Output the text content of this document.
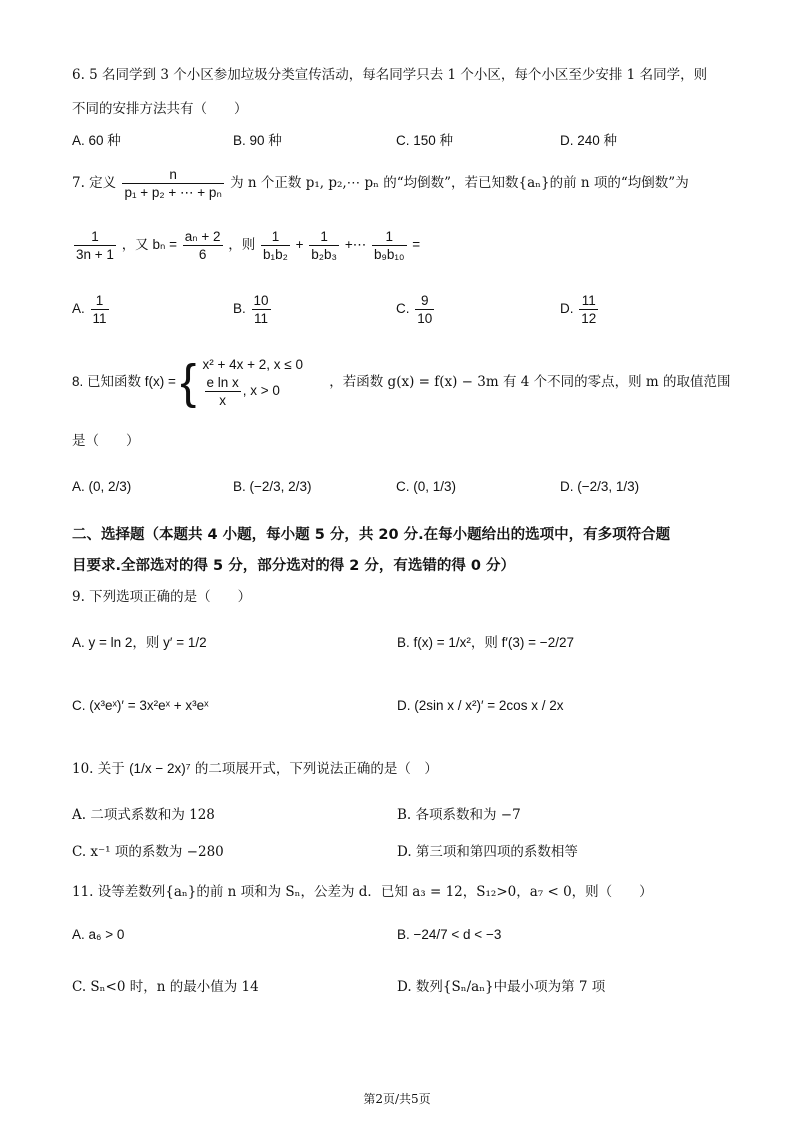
6. 5 名同学到 3 个小区参加垃圾分类宣传活动，每名同学只去 1 个小区，每个小区至少安排 1 名同学，则
不同的安排方法共有（　　）
A. 60 种	B. 90 种	C. 150 种	D. 240 种
7. 定义 $\frac{n}{\text{p₁ + p₂ + ⋯ + pₙ}}$ 为 n 个正数 p₁, p₂,⋯ pₙ 的“均倒数”，若已知数{aₙ}的前 n 项的“均倒数”为
$\frac{1}{3n + 1}$ ，又 $b_n = \frac{\text{aₙ + 2}}{6}$ ，则 $\frac{1}{\text{b₁b₂}} + \frac{1}{\text{b₂b₃}}$ +⋯ $\frac{1}{\text{b₉b₁₀}}$ =
A. $\frac{1}{11}$	B. $\frac{10}{11}$	C. $\frac{9}{10}$	D. $\frac{11}{12}$
8. 已知函数 f(x) = { x² + 4x + 2, x ≤ 0
$\frac{\text{e ln x}}{x}$ , x > 0
，若函数 g(x) = f(x) − 3m 有 4 个不同的零点，则 m 的取值范围
是（　　）
A. (0, 2/3)	B. (−2/3, 2/3)	C. (0, 1/3)	D. (−2/3, 1/3)
二、选择题（本题共 4 小题，每小题 5 分，共 20 分.在每小题给出的选项中，有多项符合题
目要求.全部选对的得 5 分，部分选对的得 2 分，有选错的得 0 分）
9. 下列选项正确的是（　　）
A. y = ln 2，则 y′ = 1/2	B. f(x) = 1/x²，则 f′(3) = −2/27
C. (x³eˣ)′ = 3x²eˣ + x³eˣ	D. (2sin x / x²)′ = 2cos x / 2x
10. 关于 (1/x − 2x)⁷ 的二项展开式，下列说法正确的是（　）
A. 二项式系数和为 128	B. 各项系数和为 −7
C. x⁻¹ 项的系数为 −280	D. 第三项和第四项的系数相等
11. 设等差数列{aₙ}的前 n 项和为 Sₙ，公差为 d．已知 a₃ = 12，S₁₂>0，a₇ < 0，则（　　）
A. a₆ > 0	B. −24/7 < d < −3
C. Sₙ<0 时，n 的最小值为 14	D. 数列{Sₙ/aₙ}中最小项为第 7 项
第2页/共5页
